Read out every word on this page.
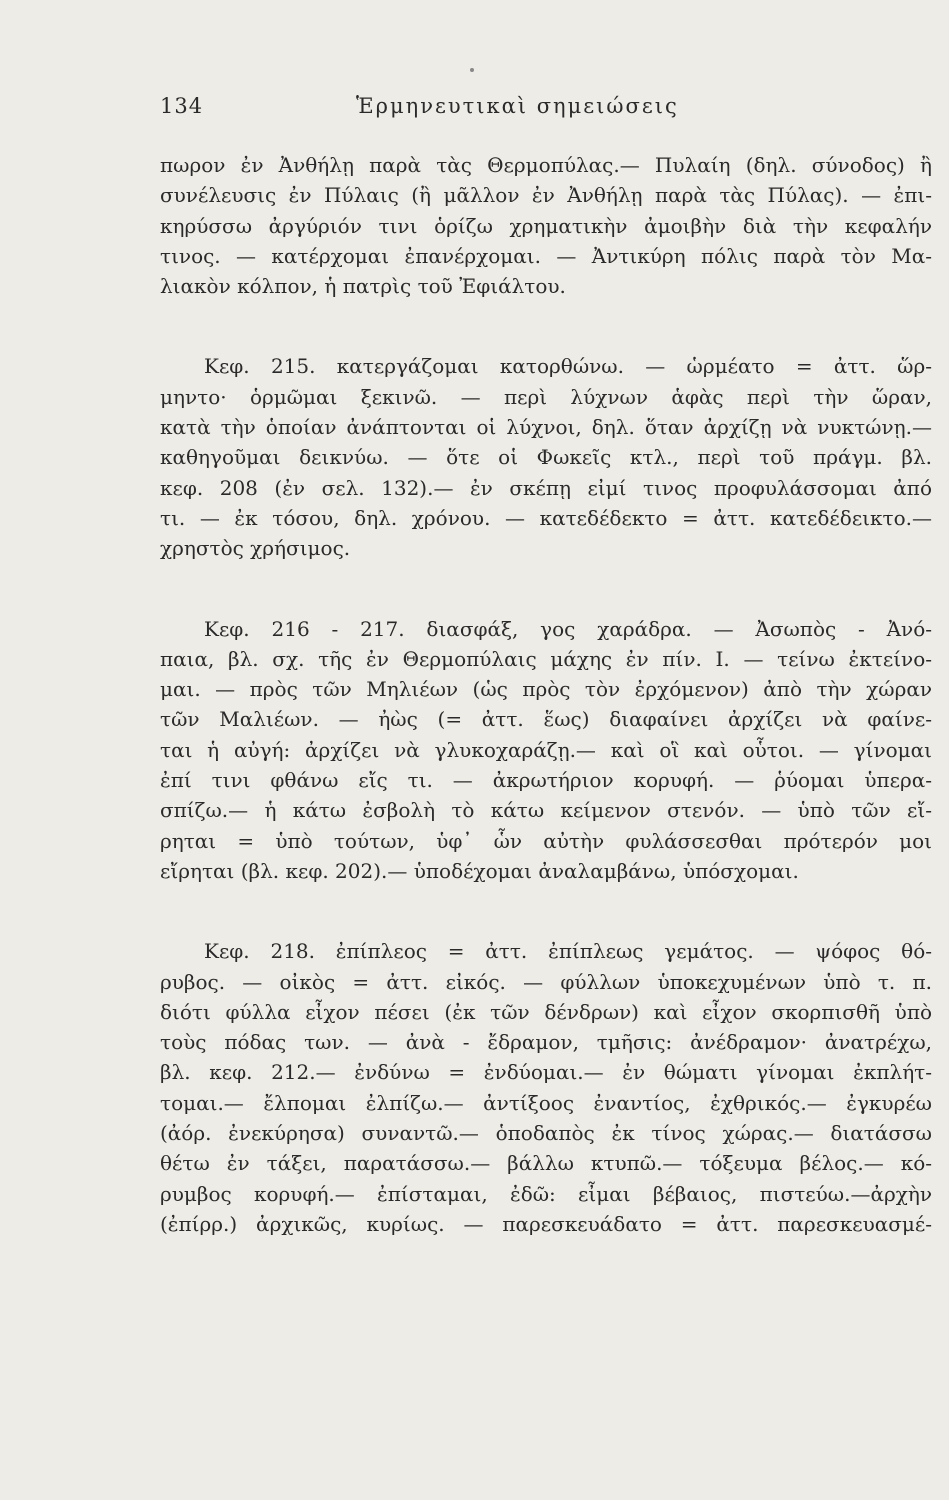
134	Ἑρμηνευτικαὶ σημειώσεις
πωρον ἐν Ἀνθήλῃ παρὰ τὰς Θερμοπύλας.— Πυλαίη (δηλ. σύνοδος) ἢ
συνέλευσις ἐν Πύλαις (ἢ μᾶλλον ἐν Ἀνθήλῃ παρὰ τὰς Πύλας). — ἐπι-
κηρύσσω ἀργύριόν τινι ὁρίζω χρηματικὴν ἀμοιβὴν διὰ τὴν κεφαλήν
τινος. — κατέρχομαι ἐπανέρχομαι. — Ἀντικύρη πόλις παρὰ τὸν Μα-
λιακὸν κόλπον, ἡ πατρὶς τοῦ Ἐφιάλτου.
Κεφ. 215. κατεργάζομαι κατορθώνω. — ὡρμέατο = ἀττ. ὥρ-
μηντο· ὁρμῶμαι ξεκινῶ. — περὶ λύχνων ἁφὰς περὶ τὴν ὥραν,
κατὰ τὴν ὁποίαν ἀνάπτονται οἱ λύχνοι, δηλ. ὅταν ἀρχίζῃ νὰ νυκτώνῃ.—
καθηγοῦμαι δεικνύω. — ὅτε οἱ Φωκεῖς κτλ., περὶ τοῦ πράγμ. βλ.
κεφ. 208 (ἐν σελ. 132).— ἐν σκέπῃ εἰμί τινος προφυλάσσομαι ἀπό
τι. — ἐκ τόσου, δηλ. χρόνου. — κατεδέδεκτο = ἀττ. κατεδέδεικτο.—
χρηστὸς χρήσιμος.
Κεφ. 216 - 217. διασφάξ, γος χαράδρα. — Ἀσωπὸς - Ἀνό-
παια, βλ. σχ. τῆς ἐν Θερμοπύλαις μάχης ἐν πίν. Ι. — τείνω ἐκτείνο-
μαι. — πρὸς τῶν Μηλιέων (ὡς πρὸς τὸν ἐρχόμενον) ἀπὸ τὴν χώραν
τῶν Μαλιέων. — ἠὼς (= ἀττ. ἕως) διαφαίνει ἀρχίζει νὰ φαίνε-
ται ἡ αὐγή: ἀρχίζει νὰ γλυκοχαράζῃ.— καὶ οἳ καὶ οὗτοι. — γίνομαι
ἐπί τινι φθάνω εἴς τι. — ἀκρωτήριον κορυφή. — ῥύομαι ὑπερα-
σπίζω.— ἡ κάτω ἐσβολὴ τὸ κάτω κείμενον στενόν. — ὑπὸ τῶν εἴ-
ρηται = ὑπὸ τούτων, ὑφ᾽ ὧν αὐτὴν φυλάσσεσθαι πρότερόν μοι
εἴρηται (βλ. κεφ. 202).— ὑποδέχομαι ἀναλαμβάνω, ὑπόσχομαι.
Κεφ. 218. ἐπίπλεος = ἀττ. ἐπίπλεως γεμάτος. — ψόφος θό-
ρυβος. — οἰκὸς = ἀττ. εἰκός. — φύλλων ὑποκεχυμένων ὑπὸ τ. π.
διότι φύλλα εἶχον πέσει (ἐκ τῶν δένδρων) καὶ εἶχον σκορπισθῆ ὑπὸ
τοὺς πόδας των. — ἀνὰ - ἔδραμον, τμῆσις: ἀνέδραμον· ἀνατρέχω,
βλ. κεφ. 212.— ἐνδύνω = ἐνδύομαι.— ἐν θώματι γίνομαι ἐκπλήτ-
τομαι.— ἔλπομαι ἐλπίζω.— ἀντίξοος ἐναντίος, ἐχθρικός.— ἐγκυρέω
(ἀόρ. ἐνεκύρησα) συναντῶ.— ὁποδαπὸς ἐκ τίνος χώρας.— διατάσσω
θέτω ἐν τάξει, παρατάσσω.— βάλλω κτυπῶ.— τόξευμα βέλος.— κό-
ρυμβος κορυφή.— ἐπίσταμαι, ἐδῶ: εἶμαι βέβαιος, πιστεύω.—ἀρχὴν
(ἐπίρρ.) ἀρχικῶς, κυρίως. — παρεσκευάδατο = ἀττ. παρεσκευασμέ-
